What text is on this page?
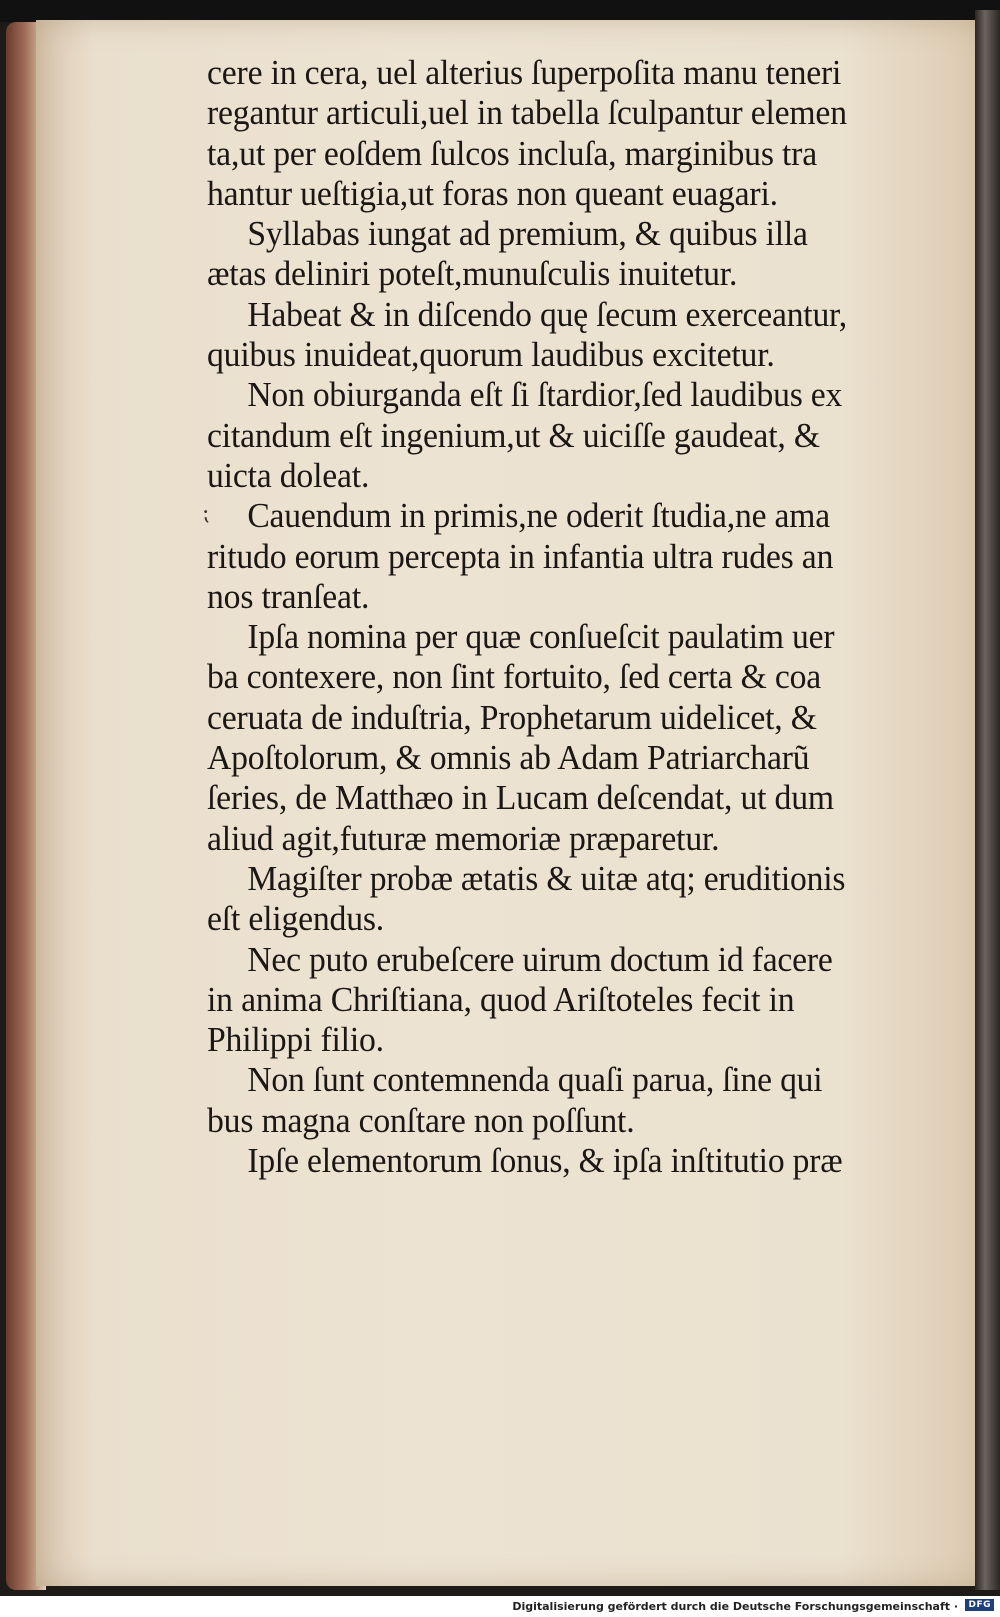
cere in cera, uel alterius ſuperpoſita manu teneri
regantur articuli,uel in tabella ſculpantur elemen
ta,ut per eoſdem ſulcos incluſa, marginibus tra
hantur ueſtigia,ut foras non queant euagari.
Syllabas iungat ad premium, & quibus illa
ætas deliniri poteſt,munuſculis inuitetur.
Habeat & in diſcendo quę ſecum exerceantur,
quibus inuideat,quorum laudibus excitetur.
Non obiurganda eſt ſi ſtardior,ſed laudibus ex
citandum eſt ingenium,ut & uiciſſe gaudeat, &
uicta doleat.
Cauendum in primis,ne oderit ſtudia,ne ama
ritudo eorum percepta in infantia ultra rudes an
nos tranſeat.
Ipſa nomina per quæ conſueſcit paulatim uer
ba contexere, non ſint fortuito, ſed certa & coa
ceruata de induſtria, Prophetarum uidelicet, &
Apoſtolorum, & omnis ab Adam Patriarcharũ
ſeries, de Matthæo in Lucam deſcendat, ut dum
aliud agit,futuræ memoriæ præparetur.
Magiſter probæ ætatis & uitæ atq; eruditionis
eſt eligendus.
Nec puto erubeſcere uirum doctum id facere
in anima Chriſtiana, quod Ariſtoteles fecit in
Philippi filio.
Non ſunt contemnenda quaſi parua, ſine qui
bus magna conſtare non poſſunt.
Ipſe elementorum ſonus, & ipſa inſtitutio præ
⁏
Digitalisierung gefördert durch die Deutsche Forschungsgemeinschaft ·	DFG
